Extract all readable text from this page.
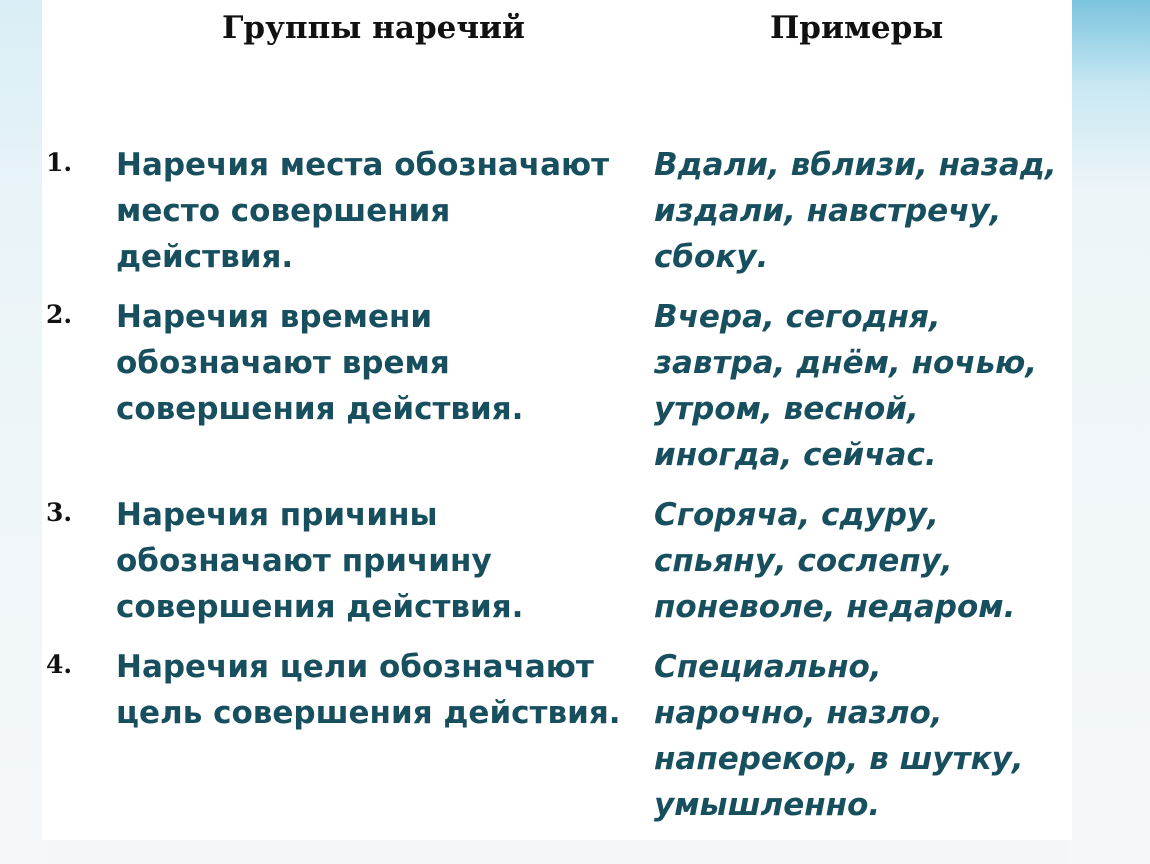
Группы наречий	Примеры
1. Наречия места обозначают
место совершения
действия.
Вдали, вблизи, назад,
издали, навстречу,
сбоку.
2. Наречия времени
обозначают время
совершения действия.
Вчера, сегодня,
завтра, днём, ночью,
утром, весной,
иногда, сейчас.
3. Наречия причины
обозначают причину
совершения действия.
Сгоряча, сдуру,
спьяну, сослепу,
поневоле, недаром.
4. Наречия цели обозначают
цель совершения действия.
Специально,
нарочно, назло,
наперекор, в шутку,
умышленно.
